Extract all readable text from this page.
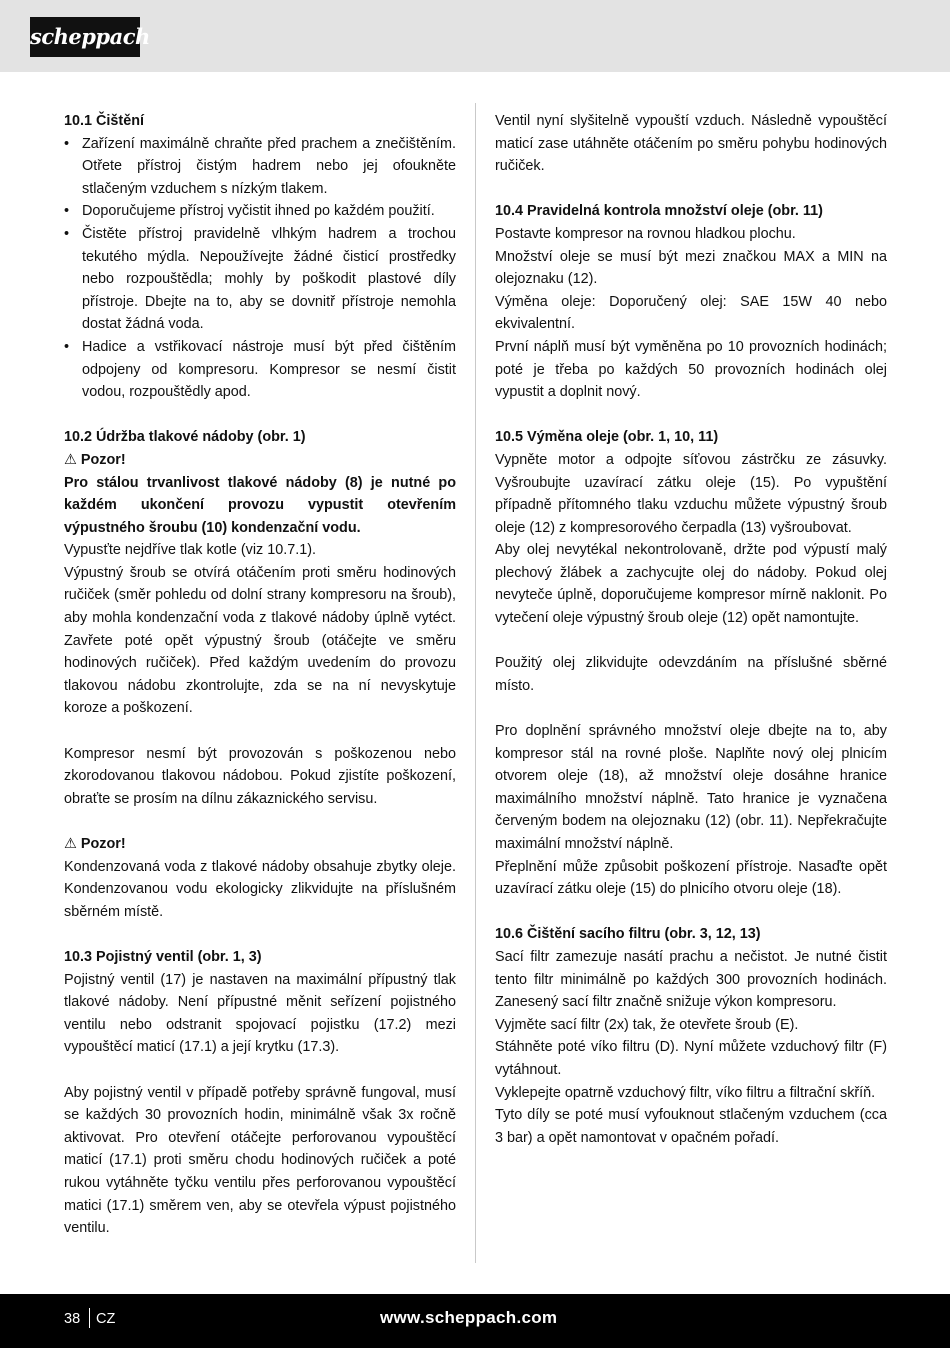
scheppach

10.1 Čištění

• Zařízení maximálně chraňte před prachem a znečištěním. Otřete přístroj čistým hadrem nebo jej ofoukněte stlačeným vzduchem s nízkým tlakem.
• Doporučujeme přístroj vyčistit ihned po každém použití.
• Čistěte přístroj pravidelně vlhkým hadrem a trochou tekutého mýdla. Nepoužívejte žádné čisticí prostředky nebo rozpouštědla; mohly by poškodit plastové díly přístroje. Dbejte na to, aby se dovnitř přístroje nemohla dostat žádná voda.
• Hadice a vstřikovací nástroje musí být před čištěním odpojeny od kompresoru. Kompresor se nesmí čistit vodou, rozpouštědly apod.

10.2 Údržba tlakové nádoby (obr. 1)

⚠ Pozor!

Pro stálou trvanlivost tlakové nádoby (8) je nutné po každém ukončení provozu vypustit otevřením výpustného šroubu (10) kondenzační vodu.

Vypusťte nejdříve tlak kotle (viz 10.7.1).

Výpustný šroub se otvírá otáčením proti směru hodinových ručiček (směr pohledu od dolní strany kompresoru na šroub), aby mohla kondenzační voda z tlakové nádoby úplně vytéct. Zavřete poté opět výpustný šroub (otáčejte ve směru hodinových ručiček). Před každým uvedením do provozu tlakovou nádobu zkontrolujte, zda se na ní nevyskytuje koroze a poškození.

Kompresor nesmí být provozován s poškozenou nebo zkorodovanou tlakovou nádobou. Pokud zjistíte poškození, obraťte se prosím na dílnu zákaznického servisu.

⚠ Pozor!

Kondenzovaná voda z tlakové nádoby obsahuje zbytky oleje. Kondenzovanou vodu ekologicky zlikvidujte na příslušném sběrném místě.

10.3 Pojistný ventil (obr. 1, 3)

Pojistný ventil (17) je nastaven na maximální přípustný tlak tlakové nádoby. Není přípustné měnit seřízení pojistného ventilu nebo odstranit spojovací pojistku (17.2) mezi vypouštěcí maticí (17.1) a její krytku (17.3).

Aby pojistný ventil v případě potřeby správně fungoval, musí se každých 30 provozních hodin, minimálně však 3x ročně aktivovat. Pro otevření otáčejte perforovanou vypouštěcí maticí (17.1) proti směru chodu hodinových ručiček a poté rukou vytáhněte tyčku ventilu přes perforovanou vypouštěcí matici (17.1) směrem ven, aby se otevřela výpust pojistného ventilu.

Ventil nyní slyšitelně vypouští vzduch. Následně vypouštěcí maticí zase utáhněte otáčením po směru pohybu hodinových ručiček.

10.4 Pravidelná kontrola množství oleje (obr. 11)

Postavte kompresor na rovnou hladkou plochu.

Množství oleje se musí být mezi značkou MAX a MIN na olejoznaku (12).

Výměna oleje: Doporučený olej: SAE 15W 40 nebo ekvivalentní.

První náplň musí být vyměněna po 10 provozních hodinách; poté je třeba po každých 50 provozních hodinách olej vypustit a doplnit nový.

10.5 Výměna oleje (obr. 1, 10, 11)

Vypněte motor a odpojte síťovou zástrčku ze zásuvky. Vyšroubujte uzavírací zátku oleje (15). Po vypuštění případně přítomného tlaku vzduchu můžete výpustný šroub oleje (12) z kompresorového čerpadla (13) vyšroubovat.

Aby olej nevytékal nekontrolovaně, držte pod výpustí malý plechový žlábek a zachycujte olej do nádoby. Pokud olej nevyteče úplně, doporučujeme kompresor mírně naklonit. Po vytečení oleje výpustný šroub oleje (12) opět namontujte.

Použitý olej zlikvidujte odevzdáním na příslušné sběrné místo.

Pro doplnění správného množství oleje dbejte na to, aby kompresor stál na rovné ploše. Naplňte nový olej plnicím otvorem oleje (18), až množství oleje dosáhne hranice maximálního množství náplně. Tato hranice je vyznačena červeným bodem na olejoznaku (12) (obr. 11). Nepřekračujte maximální množství náplně.

Přeplnění může způsobit poškození přístroje. Nasaďte opět uzavírací zátku oleje (15) do plnicího otvoru oleje (18).

10.6 Čištění sacího filtru (obr. 3, 12, 13)

Sací filtr zamezuje nasátí prachu a nečistot. Je nutné čistit tento filtr minimálně po každých 300 provozních hodinách. Zanesený sací filtr značně snižuje výkon kompresoru.

Vyjměte sací filtr (2x) tak, že otevřete šroub (E).

Stáhněte poté víko filtru (D). Nyní můžete vzduchový filtr (F) vytáhnout.

Vyklepejte opatrně vzduchový filtr, víko filtru a filtrační skříň.

Tyto díly se poté musí vyfouknout stlačeným vzduchem (cca 3 bar) a opět namontovat v opačném pořadí.

38 CZ	www.scheppach.com
